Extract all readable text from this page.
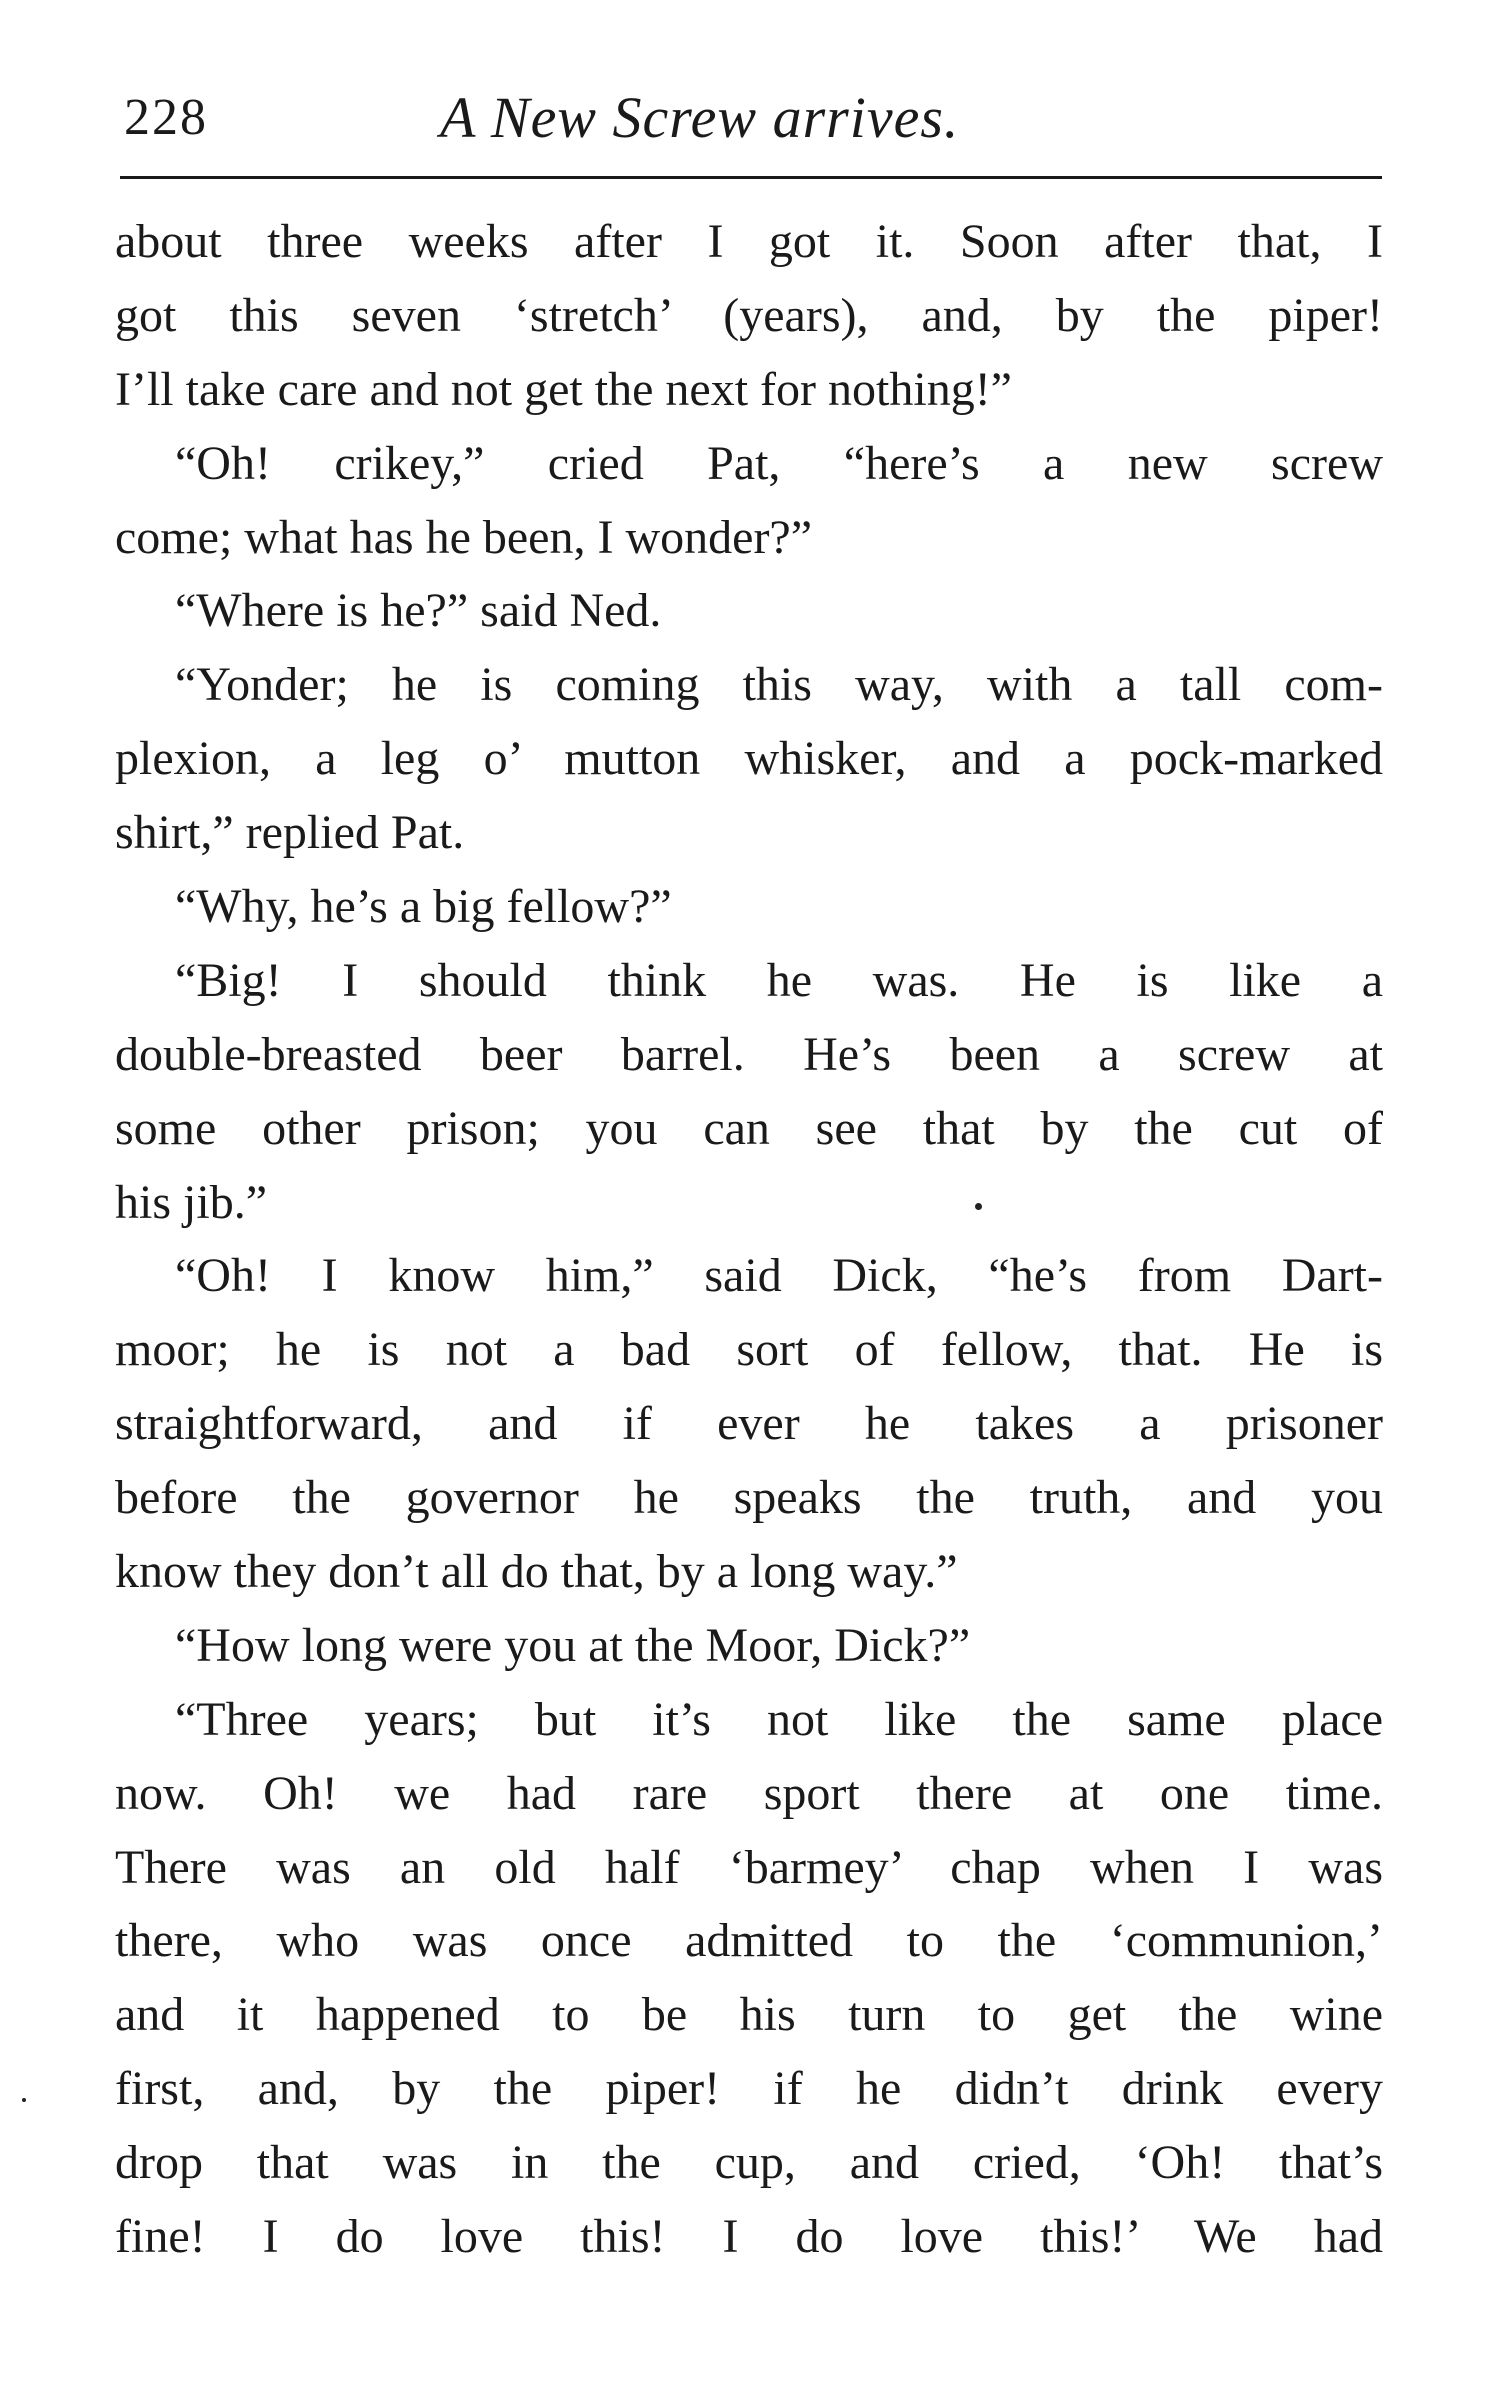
228	A New Screw arrives.
about three weeks after I got it. Soon after that, I
got this seven ‘stretch’ (years), and, by the piper!
I’ll take care and not get the next for nothing!”
“Oh! crikey,” cried Pat, “here’s a new screw
come; what has he been, I wonder?”
“Where is he?” said Ned.
“Yonder; he is coming this way, with a tall com-
plexion, a leg o’ mutton whisker, and a pock-marked
shirt,” replied Pat.
“Why, he’s a big fellow?”
“Big! I should think he was. He is like a
double-breasted beer barrel. He’s been a screw at
some other prison; you can see that by the cut of
his jib.”
“Oh! I know him,” said Dick, “he’s from Dart-
moor; he is not a bad sort of fellow, that. He is
straightforward, and if ever he takes a prisoner
before the governor he speaks the truth, and you
know they don’t all do that, by a long way.”
“How long were you at the Moor, Dick?”
“Three years; but it’s not like the same place
now. Oh! we had rare sport there at one time.
There was an old half ‘barmey’ chap when I was
there, who was once admitted to the ‘communion,’
and it happened to be his turn to get the wine
first, and, by the piper! if he didn’t drink every
drop that was in the cup, and cried, ‘Oh! that’s
fine! I do love this! I do love this!’ We had
